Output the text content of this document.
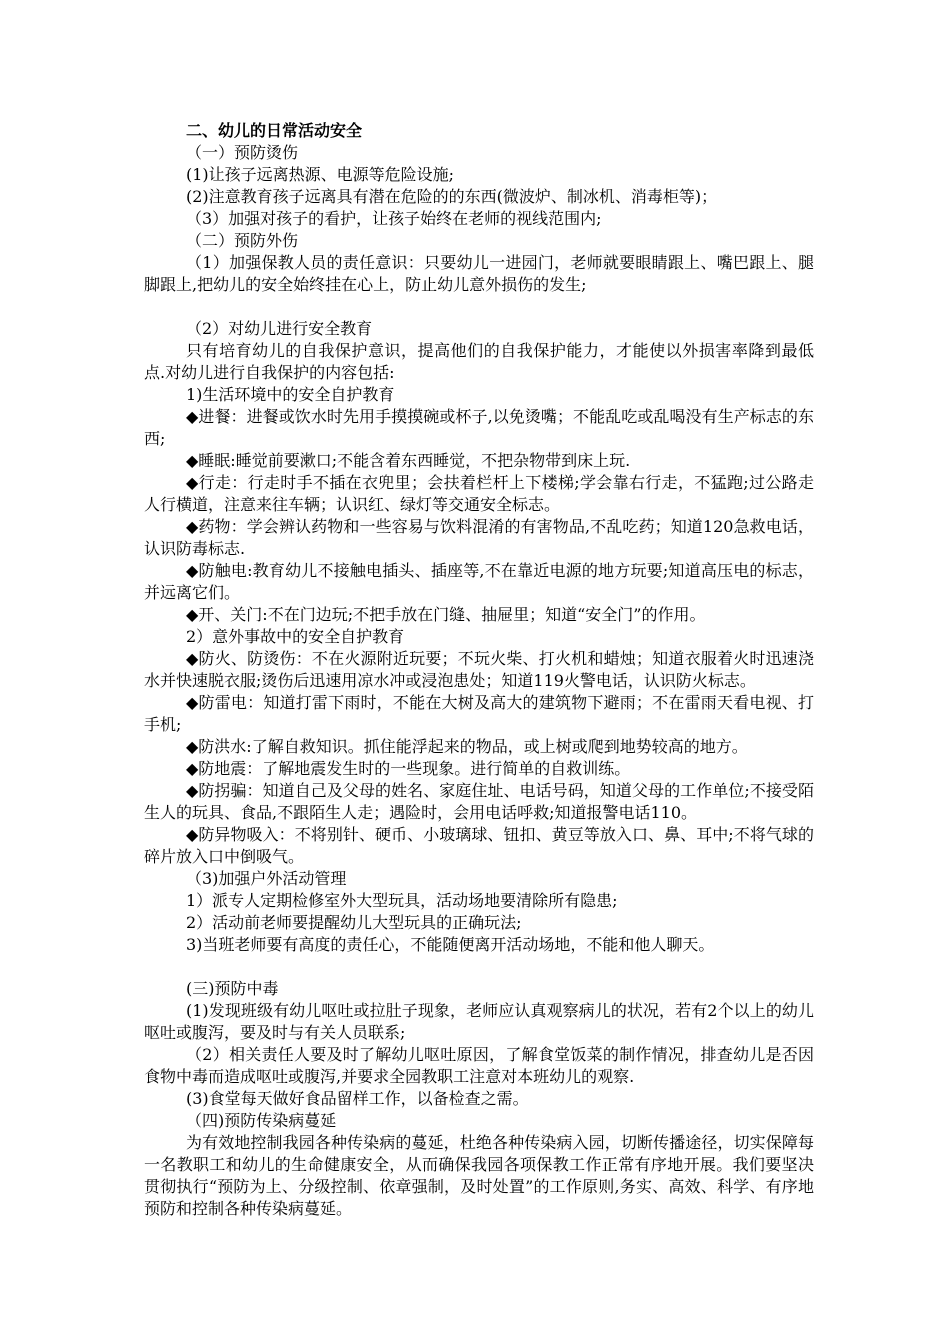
二、幼儿的日常活动安全

（一）预防烫伤

(1)让孩子远离热源、电源等危险设施;

(2)注意教育孩子远离具有潜在危险的的东西(微波炉、制冰机、消毒柜等)；

（3）加强对孩子的看护，让孩子始终在老师的视线范围内;

（二）预防外伤

（1）加强保教人员的责任意识：只要幼儿一进园门，老师就要眼睛跟上、嘴巴跟上、腿脚跟上,把幼儿的安全始终挂在心上，防止幼儿意外损伤的发生;

（2）对幼儿进行安全教育

只有培育幼儿的自我保护意识，提高他们的自我保护能力，才能使以外损害率降到最低点.对幼儿进行自我保护的内容包括:

1)生活环境中的安全自护教育

◆进餐：进餐或饮水时先用手摸摸碗或杯子,以免烫嘴；不能乱吃或乱喝没有生产标志的东西;

◆睡眠:睡觉前要漱口;不能含着东西睡觉，不把杂物带到床上玩.

◆行走：行走时手不插在衣兜里；会扶着栏杆上下楼梯;学会靠右行走，不猛跑;过公路走人行横道，注意来往车辆；认识红、绿灯等交通安全标志。

◆药物：学会辨认药物和一些容易与饮料混淆的有害物品,不乱吃药；知道120急救电话，认识防毒标志.

◆防触电:教育幼儿不接触电插头、插座等,不在靠近电源的地方玩要;知道高压电的标志，并远离它们。

◆开、关门:不在门边玩;不把手放在门缝、抽屉里；知道“安全门”的作用。

2）意外事故中的安全自护教育

◆防火、防烫伤：不在火源附近玩要；不玩火柴、打火机和蜡烛；知道衣服着火时迅速浇水并快速脱衣服;烫伤后迅速用凉水冲或浸泡患处；知道119火警电话，认识防火标志。

◆防雷电：知道打雷下雨时，不能在大树及高大的建筑物下避雨；不在雷雨天看电视、打手机;

◆防洪水:了解自救知识。抓住能浮起来的物品，或上树或爬到地势较高的地方。

◆防地震：了解地震发生时的一些现象。进行简单的自救训练。

◆防拐骗：知道自己及父母的姓名、家庭住址、电话号码，知道父母的工作单位;不接受陌生人的玩具、食品,不跟陌生人走；遇险时，会用电话呼救;知道报警电话110。

◆防异物吸入：不将别针、硬币、小玻璃球、钮扣、黄豆等放入口、鼻、耳中;不将气球的碎片放入口中倒吸气。

（3)加强户外活动管理

1）派专人定期检修室外大型玩具，活动场地要清除所有隐患;

2）活动前老师要提醒幼儿大型玩具的正确玩法;

3)当班老师要有高度的责任心，不能随便离开活动场地，不能和他人聊天。

(三)预防中毒

(1)发现班级有幼儿呕吐或拉肚子现象，老师应认真观察病儿的状况，若有2个以上的幼儿呕吐或腹泻，要及时与有关人员联系;

（2）相关责任人要及时了解幼儿呕吐原因，了解食堂饭菜的制作情况，排查幼儿是否因食物中毒而造成呕吐或腹泻,并要求全园教职工注意对本班幼儿的观察.

(3)食堂每天做好食品留样工作，以备检查之需。

（四)预防传染病蔓延

为有效地控制我园各种传染病的蔓延，杜绝各种传染病入园，切断传播途径，切实保障每一名教职工和幼儿的生命健康安全，从而确保我园各项保教工作正常有序地开展。我们要坚决贯彻执行“预防为上、分级控制、依章强制，及时处置”的工作原则,务实、高效、科学、有序地预防和控制各种传染病蔓延。
